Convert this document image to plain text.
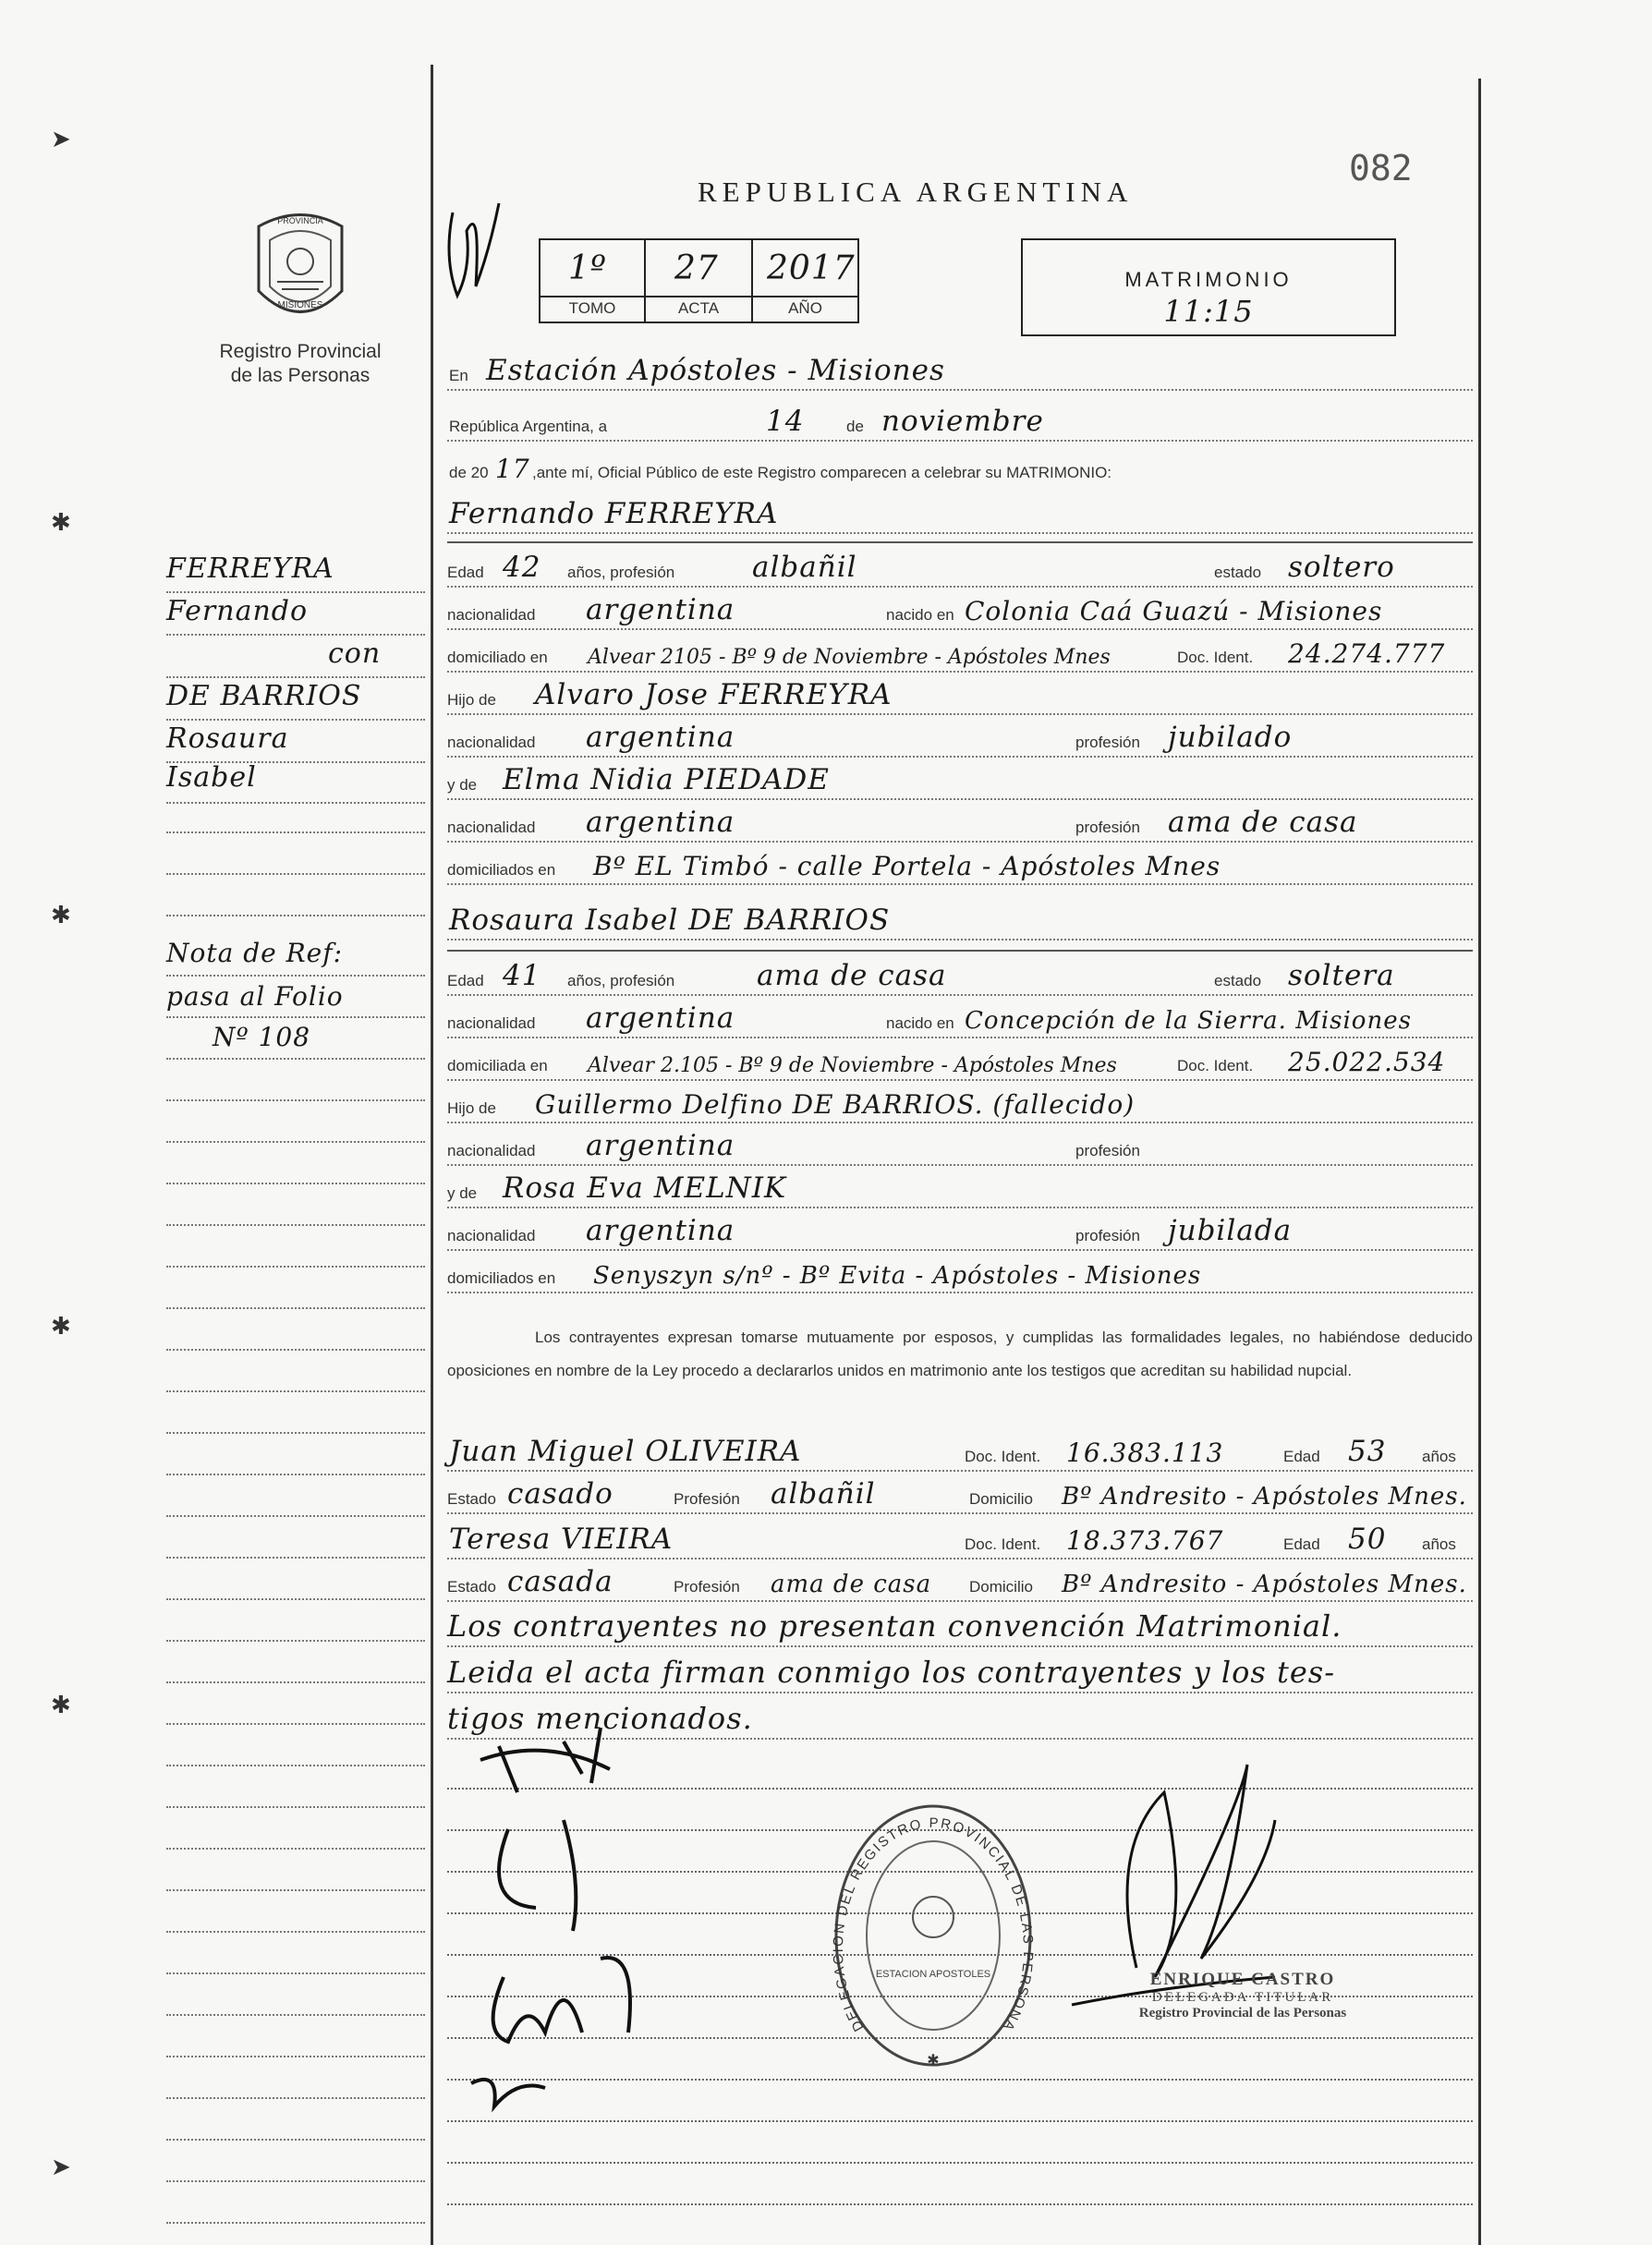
➤
✱
✱
✱
✱
➤
REPUBLICA ARGENTINA
082
PROVINCIA
MISIONES
Registro Provincial
de las Personas
1º 27 2017
TOMO	ACTA	AÑO
MATRIMONIO
11:15
En Estación Apóstoles - Misiones
República Argentina, a	14	de noviembre
de 20 17 ,ante mí, Oficial Público de este Registro comparecen a celebrar su MATRIMONIO:
Fernando FERREYRA
Edad 42 años, profesión	albañil	estado soltero
nacionalidad argentina	nacido en Colonia Caá Guazú - Misiones
domiciliado en Alvear 2105 - Bº 9 de Noviembre - Apóstoles Mnes	Doc. Ident. 24.274.777
Hijo de Alvaro Jose FERREYRA
nacionalidad argentina	profesión jubilado
y de Elma Nidia PIEDADE
nacionalidad argentina	profesión ama de casa
domiciliados en Bº EL Timbó - calle Portela - Apóstoles Mnes
Rosaura Isabel DE BARRIOS
Edad 41 años, profesión	ama de casa	estado soltera
nacionalidad argentina	nacido en Concepción de la Sierra. Misiones
domiciliada en Alvear 2.105 - Bº 9 de Noviembre - Apóstoles Mnes	Doc. Ident. 25.022.534
Hijo de Guillermo Delfino DE BARRIOS. (fallecido)
nacionalidad argentina	profesión
y de Rosa Eva MELNIK
nacionalidad argentina	profesión jubilada
domiciliados en Senyszyn s/nº - Bº Evita - Apóstoles - Misiones
Los contrayentes expresan tomarse mutuamente por esposos, y cumplidas las formalidades legales, no habiéndose deducido oposiciones en nombre de la Ley procedo a declararlos unidos en matrimonio ante los testigos que acreditan su habilidad nupcial.
Juan Miguel OLIVEIRA	Doc. Ident. 16.383.113	Edad 53 años
Estado casado	Profesión albañil	Domicilio Bº Andresito - Apóstoles Mnes.
Teresa VIEIRA	Doc. Ident. 18.373.767	Edad 50 años
Estado casada	Profesión ama de casa Domicilio Bº Andresito - Apóstoles Mnes.
Los contrayentes no presentan convención Matrimonial.
Leida el acta firman conmigo los contrayentes y los tes-
tigos mencionados.
DELEGACION DEL REGISTRO PROVINCIAL DE LAS PERSONA
ESTACION APOSTOLES
✱
ENRIQUE CASTRO
DELEGADA TITULAR
Registro Provincial de las Personas
FERREYRA
Fernando
con
DE BARRIOS
Rosaura
Isabel
Nota de Ref:
pasa al Folio
Nº 108
